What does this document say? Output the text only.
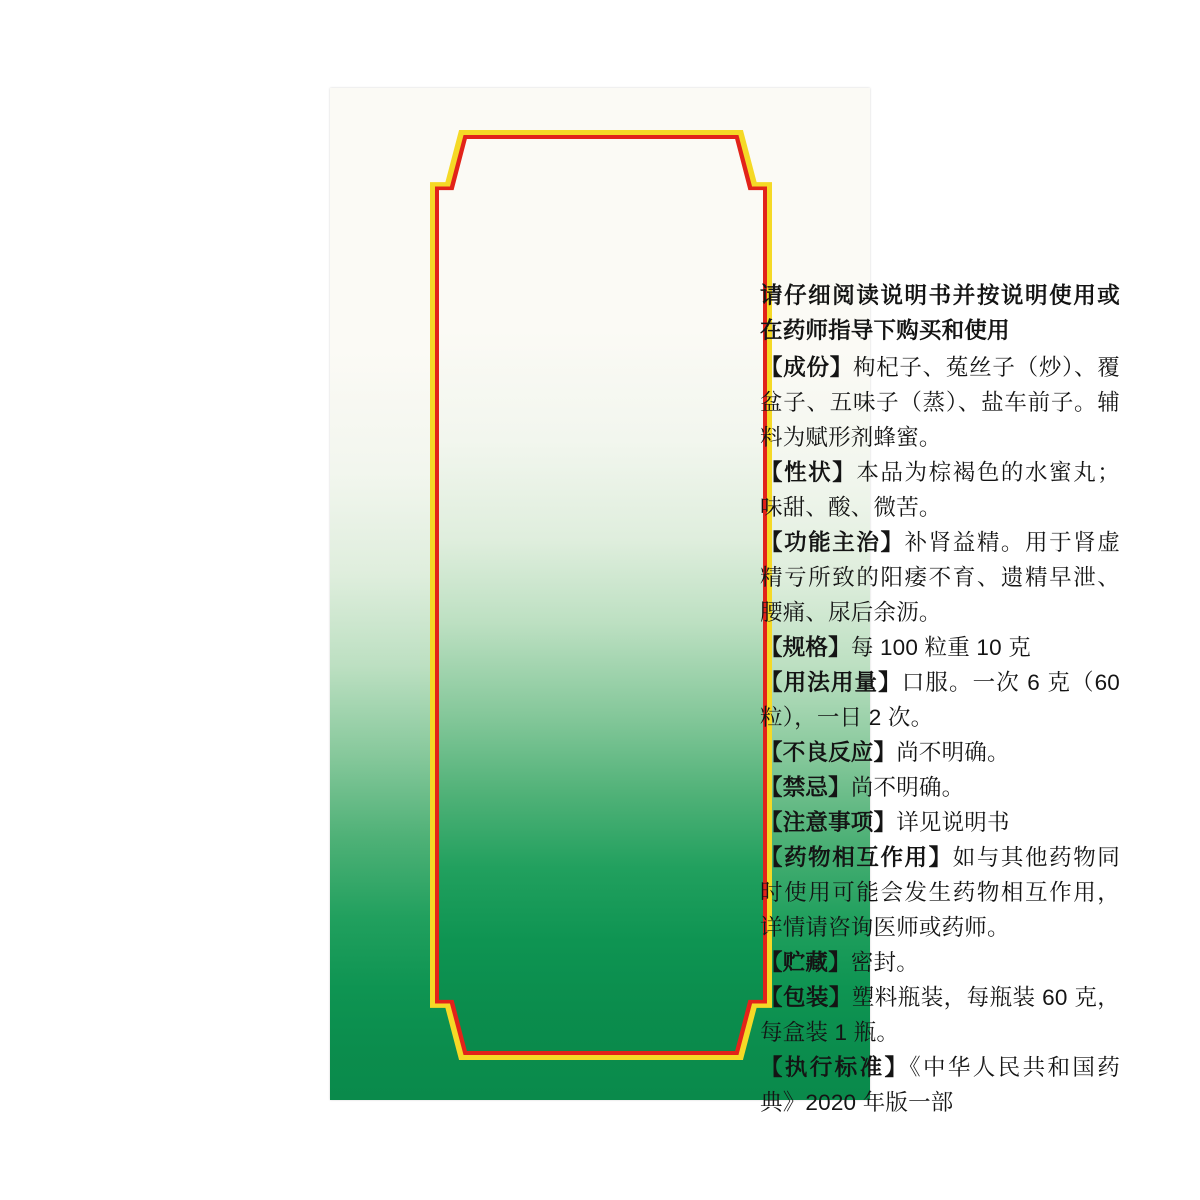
请仔细阅读说明书并按说明使用或在药师指导下购买和使用

【成份】枸杞子、菟丝子（炒）、覆盆子、五味子（蒸）、盐车前子。辅料为赋形剂蜂蜜。

【性状】本品为棕褐色的水蜜丸；味甜、酸、微苦。

【功能主治】补肾益精。用于肾虚精亏所致的阳痿不育、遗精早泄、腰痛、尿后余沥。

【规格】每 100 粒重 10 克

【用法用量】口服。一次 6 克（60 粒），一日 2 次。

【不良反应】尚不明确。

【禁忌】尚不明确。

【注意事项】详见说明书

【药物相互作用】如与其他药物同时使用可能会发生药物相互作用，详情请咨询医师或药师。

【贮藏】密封。

【包装】塑料瓶装，每瓶装 60 克，每盒装 1 瓶。

【执行标准】《中华人民共和国药典》2020 年版一部
